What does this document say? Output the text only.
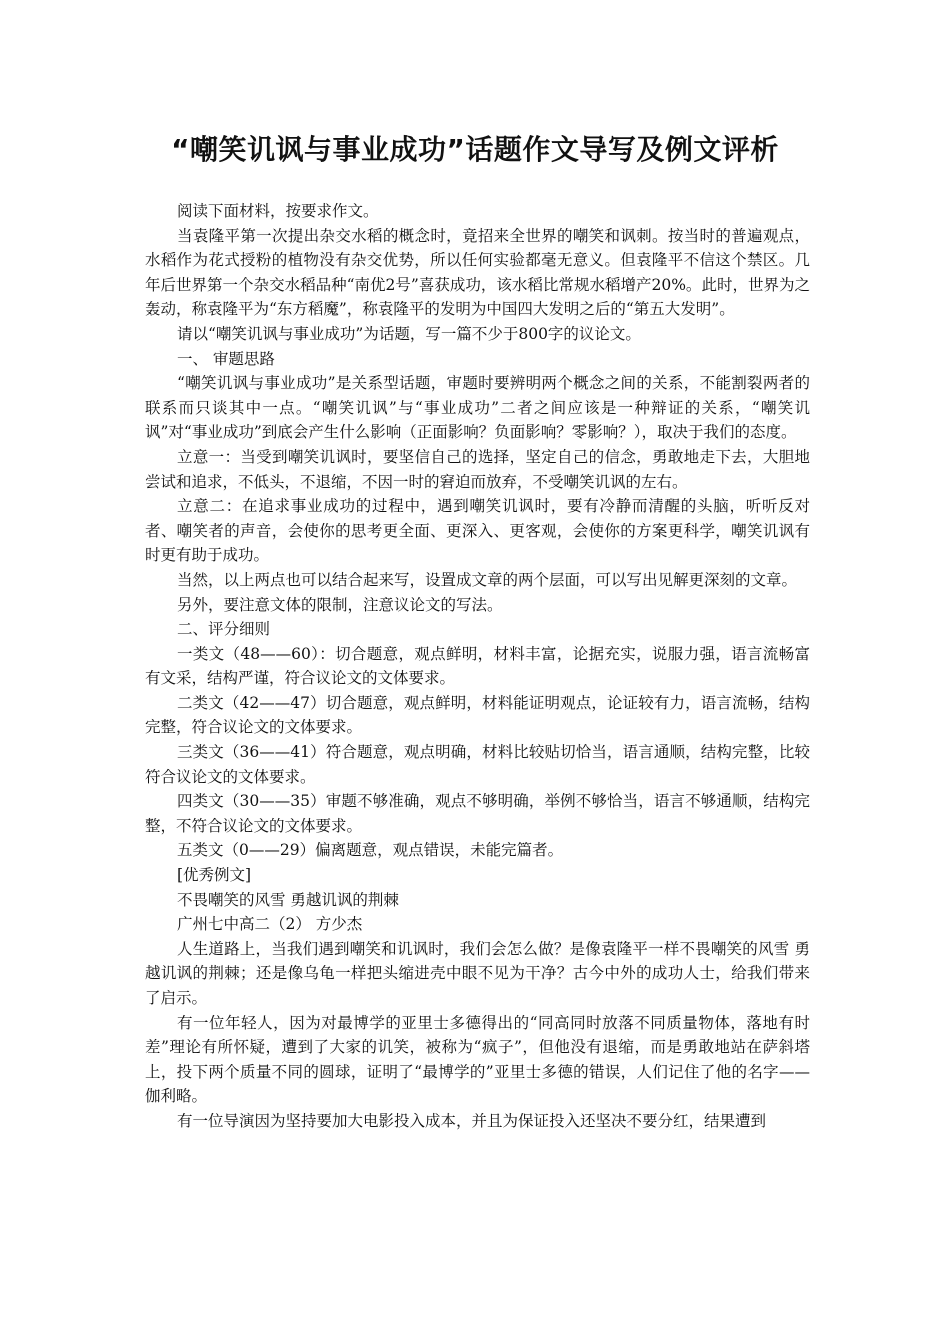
“嘲笑讥讽与事业成功”话题作文导写及例文评析

阅读下面材料，按要求作文。

当袁隆平第一次提出杂交水稻的概念时，竟招来全世界的嘲笑和讽刺。按当时的普遍观点，水稻作为花式授粉的植物没有杂交优势，所以任何实验都毫无意义。但袁隆平不信这个禁区。几年后世界第一个杂交水稻品种“南优2号”喜获成功，该水稻比常规水稻增产20%。此时，世界为之轰动，称袁隆平为“东方稻魔”，称袁隆平的发明为中国四大发明之后的“第五大发明”。

请以“嘲笑讥讽与事业成功”为话题，写一篇不少于800字的议论文。

一、 审题思路

“嘲笑讥讽与事业成功”是关系型话题，审题时要辨明两个概念之间的关系，不能割裂两者的联系而只谈其中一点。“嘲笑讥讽”与“事业成功”二者之间应该是一种辩证的关系，“嘲笑讥讽”对“事业成功”到底会产生什么影响（正面影响？负面影响？零影响？），取决于我们的态度。

立意一：当受到嘲笑讥讽时，要坚信自己的选择，坚定自己的信念，勇敢地走下去，大胆地尝试和追求，不低头，不退缩，不因一时的窘迫而放弃，不受嘲笑讥讽的左右。

立意二：在追求事业成功的过程中，遇到嘲笑讥讽时，要有冷静而清醒的头脑，听听反对者、嘲笑者的声音，会使你的思考更全面、更深入、更客观，会使你的方案更科学，嘲笑讥讽有时更有助于成功。

当然，以上两点也可以结合起来写，设置成文章的两个层面，可以写出见解更深刻的文章。

另外，要注意文体的限制，注意议论文的写法。

二、评分细则

一类文（48——60）：切合题意，观点鲜明，材料丰富，论据充实，说服力强，语言流畅富有文采，结构严谨，符合议论文的文体要求。

二类文（42——47）切合题意，观点鲜明，材料能证明观点，论证较有力，语言流畅，结构完整，符合议论文的文体要求。

三类文（36——41）符合题意，观点明确，材料比较贴切恰当，语言通顺，结构完整，比较符合议论文的文体要求。

四类文（30——35）审题不够准确，观点不够明确，举例不够恰当，语言不够通顺，结构完整，不符合议论文的文体要求。

五类文（0——29）偏离题意，观点错误，未能完篇者。

[优秀例文]

不畏嘲笑的风雪 勇越讥讽的荆棘

广州七中高二（2） 方少杰

人生道路上，当我们遇到嘲笑和讥讽时，我们会怎么做？是像袁隆平一样不畏嘲笑的风雪 勇越讥讽的荆棘；还是像乌龟一样把头缩进壳中眼不见为干净？古今中外的成功人士，给我们带来了启示。

有一位年轻人，因为对最博学的亚里士多德得出的“同高同时放落不同质量物体，落地有时差”理论有所怀疑，遭到了大家的讥笑，被称为“疯子”，但他没有退缩，而是勇敢地站在萨斜塔上，投下两个质量不同的圆球，证明了“最博学的”亚里士多德的错误，人们记住了他的名字——伽利略。

有一位导演因为坚持要加大电影投入成本，并且为保证投入还坚决不要分红，结果遭到
